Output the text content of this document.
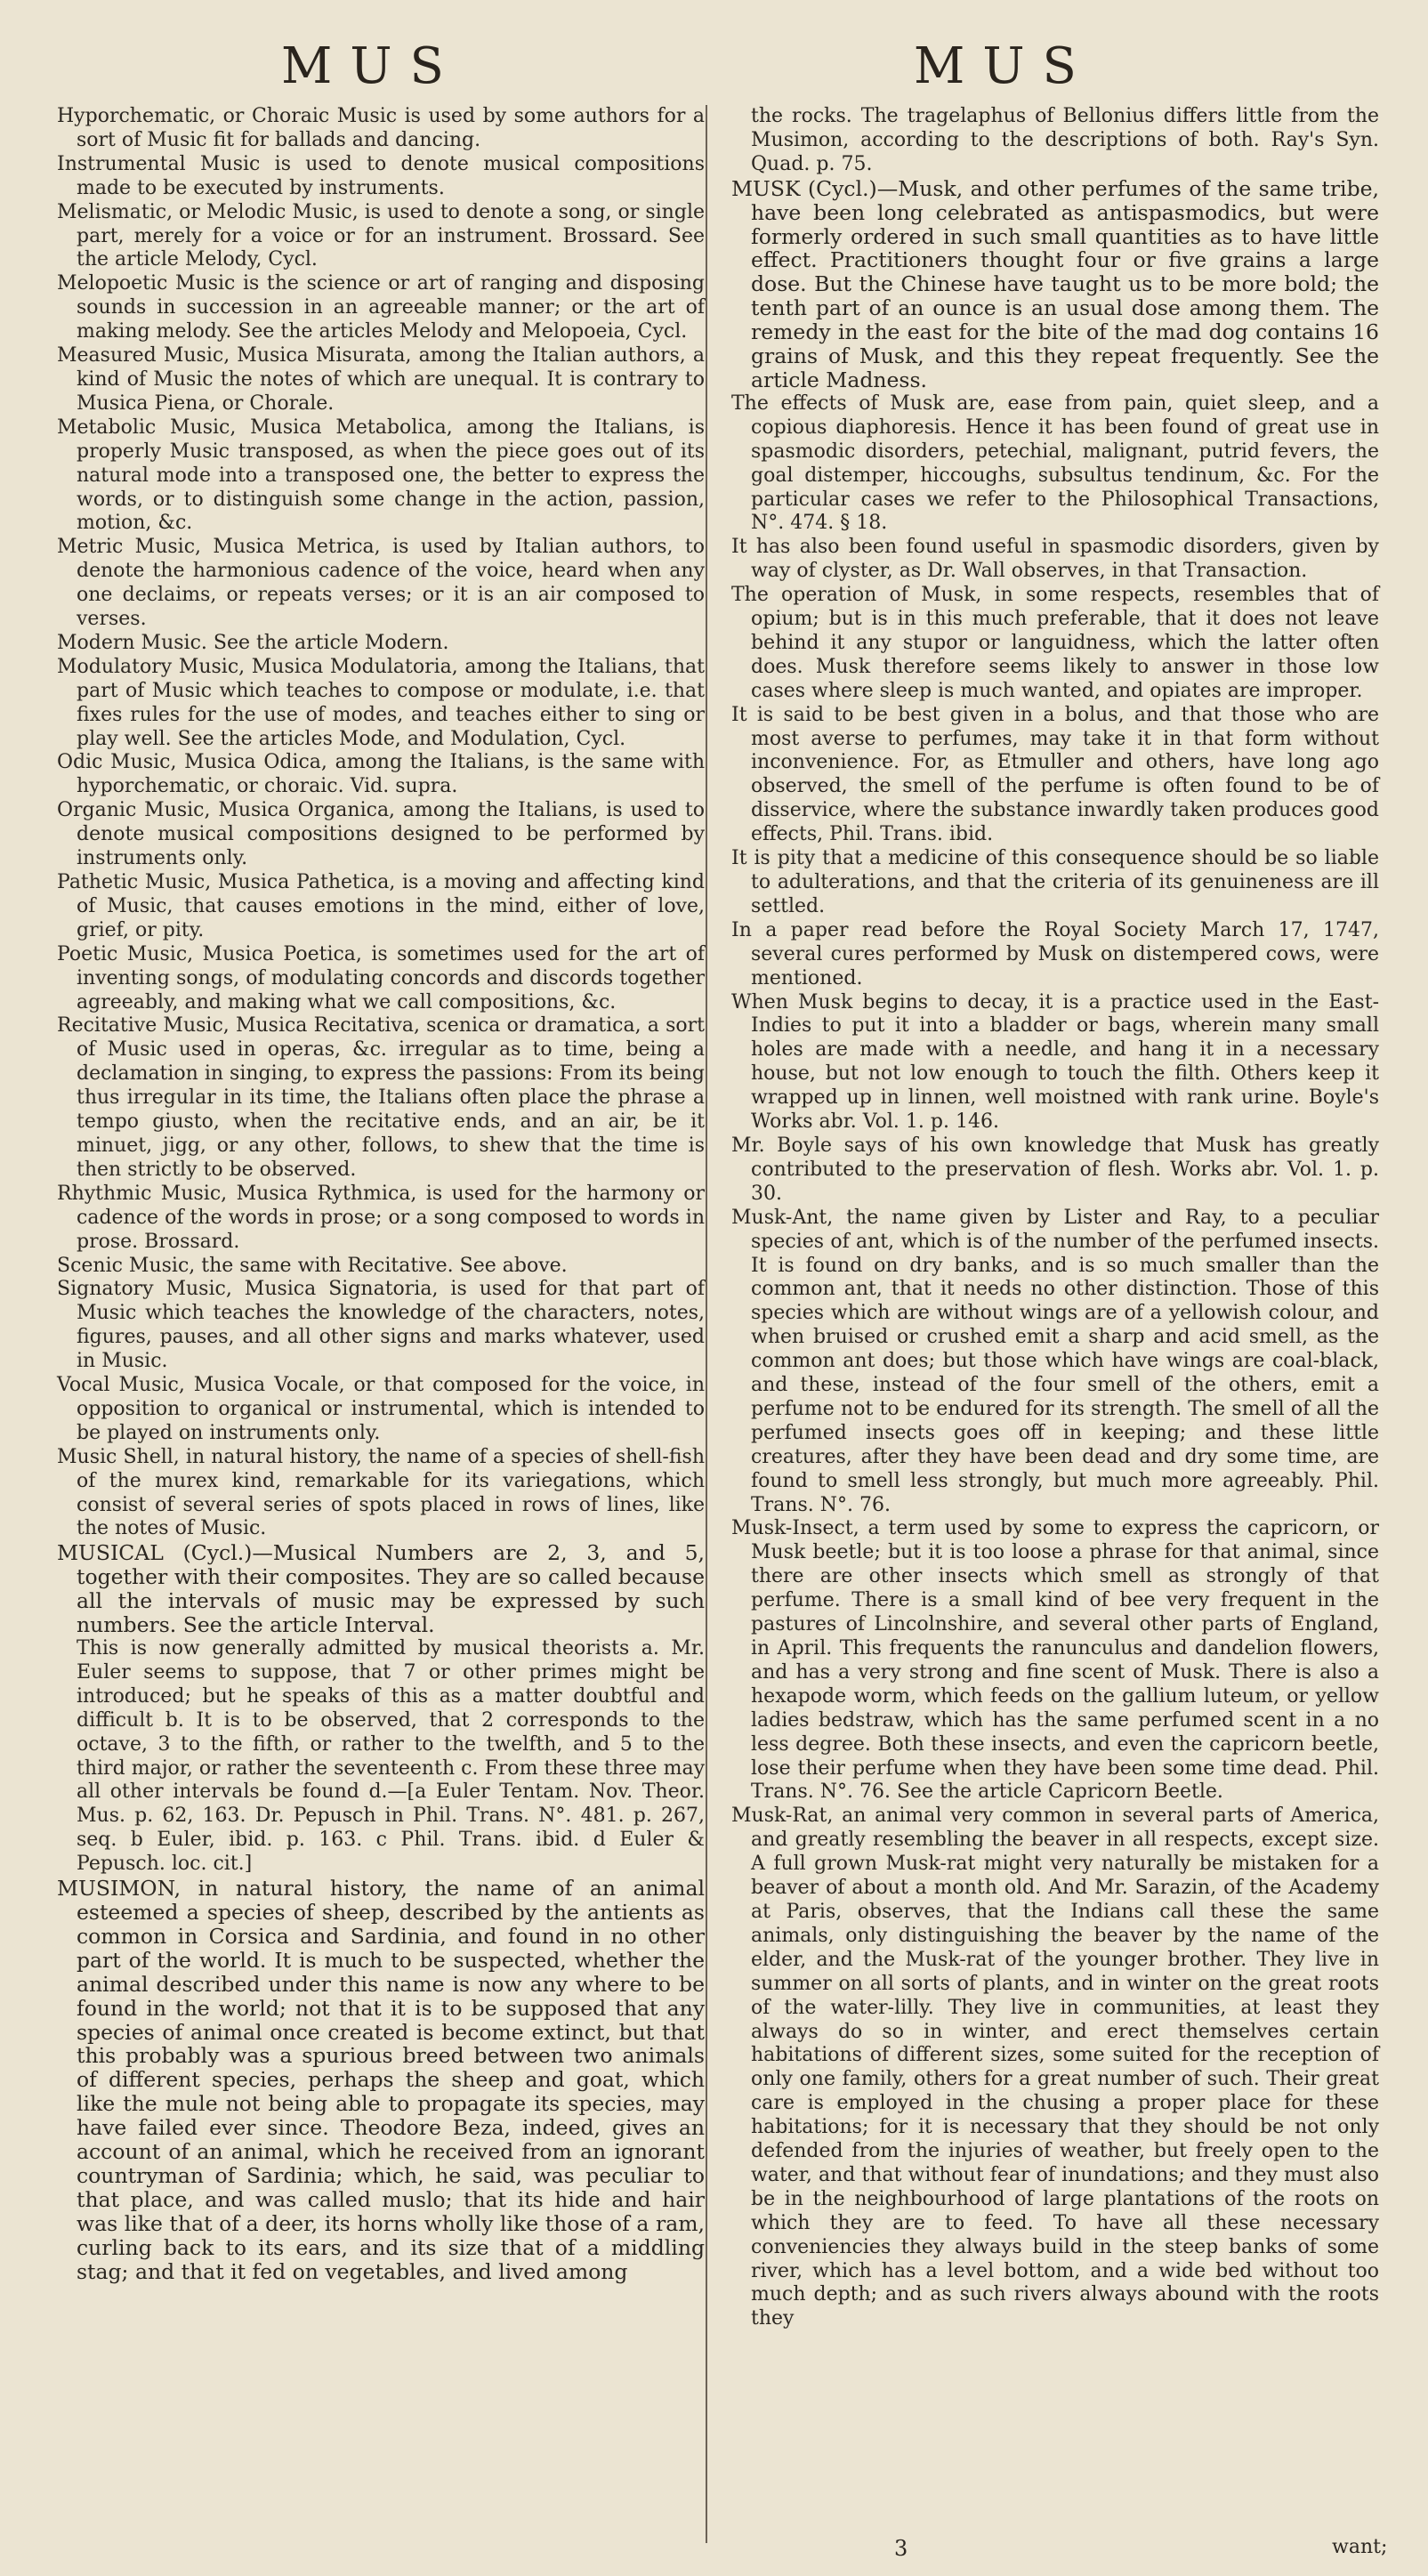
MUS	MUS

Hyporchematic, or Choraic Music is used by some authors for a sort of Music fit for ballads and dancing.

Instrumental Music is used to denote musical compositions made to be executed by instruments.

Melismatic, or Melodic Music, is used to denote a song, or single part, merely for a voice or for an instrument. Brossard. See the article Melody, Cycl.

Melopoetic Music is the science or art of ranging and disposing sounds in succession in an agreeable manner; or the art of making melody. See the articles Melody and Melopoeia, Cycl.

Measured Music, Musica Misurata, among the Italian authors, a kind of Music the notes of which are unequal. It is contrary to Musica Piena, or Chorale.

Metabolic Music, Musica Metabolica, among the Italians, is properly Music transposed, as when the piece goes out of its natural mode into a transposed one, the better to express the words, or to distinguish some change in the action, passion, motion, &c.

Metric Music, Musica Metrica, is used by Italian authors, to denote the harmonious cadence of the voice, heard when any one declaims, or repeats verses; or it is an air composed to verses.

Modern Music. See the article Modern.

Modulatory Music, Musica Modulatoria, among the Italians, that part of Music which teaches to compose or modulate, i.e. that fixes rules for the use of modes, and teaches either to sing or play well. See the articles Mode, and Modulation, Cycl.

Odic Music, Musica Odica, among the Italians, is the same with hyporchematic, or choraic. Vid. supra.

Organic Music, Musica Organica, among the Italians, is used to denote musical compositions designed to be performed by instruments only.

Pathetic Music, Musica Pathetica, is a moving and affecting kind of Music, that causes emotions in the mind, either of love, grief, or pity.

Poetic Music, Musica Poetica, is sometimes used for the art of inventing songs, of modulating concords and discords together agreeably, and making what we call compositions, &c.

Recitative Music, Musica Recitativa, scenica or dramatica, a sort of Music used in operas, &c. irregular as to time, being a declamation in singing, to express the passions: From its being thus irregular in its time, the Italians often place the phrase a tempo giusto, when the recitative ends, and an air, be it minuet, jigg, or any other, follows, to shew that the time is then strictly to be observed.

Rhythmic Music, Musica Rythmica, is used for the harmony or cadence of the words in prose; or a song composed to words in prose. Brossard.

Scenic Music, the same with Recitative. See above.

Signatory Music, Musica Signatoria, is used for that part of Music which teaches the knowledge of the characters, notes, figures, pauses, and all other signs and marks whatever, used in Music.

Vocal Music, Musica Vocale, or that composed for the voice, in opposition to organical or instrumental, which is intended to be played on instruments only.

Music Shell, in natural history, the name of a species of shell-fish of the murex kind, remarkable for its variegations, which consist of several series of spots placed in rows of lines, like the notes of Music.

MUSICAL (Cycl.)—Musical Numbers are 2, 3, and 5, together with their composites. They are so called because all the intervals of music may be expressed by such numbers. See the article Interval.

This is now generally admitted by musical theorists a. Mr. Euler seems to suppose, that 7 or other primes might be introduced; but he speaks of this as a matter doubtful and difficult b. It is to be observed, that 2 corresponds to the octave, 3 to the fifth, or rather to the twelfth, and 5 to the third major, or rather the seventeenth c. From these three may all other intervals be found d.—[a Euler Tentam. Nov. Theor. Mus. p. 62, 163. Dr. Pepusch in Phil. Trans. N°. 481. p. 267, seq. b Euler, ibid. p. 163. c Phil. Trans. ibid. d Euler & Pepusch. loc. cit.]

MUSIMON, in natural history, the name of an animal esteemed a species of sheep, described by the antients as common in Corsica and Sardinia, and found in no other part of the world. It is much to be suspected, whether the animal described under this name is now any where to be found in the world; not that it is to be supposed that any species of animal once created is become extinct, but that this probably was a spurious breed between two animals of different species, perhaps the sheep and goat, which like the mule not being able to propagate its species, may have failed ever since. Theodore Beza, indeed, gives an account of an animal, which he received from an ignorant countryman of Sardinia; which, he said, was peculiar to that place, and was called muslo; that its hide and hair was like that of a deer, its horns wholly like those of a ram, curling back to its ears, and its size that of a middling stag; and that it fed on vegetables, and lived among

the rocks. The tragelaphus of Bellonius differs little from the Musimon, according to the descriptions of both. Ray's Syn. Quad. p. 75.

MUSK (Cycl.)—Musk, and other perfumes of the same tribe, have been long celebrated as antispasmodics, but were formerly ordered in such small quantities as to have little effect. Practitioners thought four or five grains a large dose. But the Chinese have taught us to be more bold; the tenth part of an ounce is an usual dose among them. The remedy in the east for the bite of the mad dog contains 16 grains of Musk, and this they repeat frequently. See the article Madness.

The effects of Musk are, ease from pain, quiet sleep, and a copious diaphoresis. Hence it has been found of great use in spasmodic disorders, petechial, malignant, putrid fevers, the goal distemper, hiccoughs, subsultus tendinum, &c. For the particular cases we refer to the Philosophical Transactions, N°. 474. § 18.

It has also been found useful in spasmodic disorders, given by way of clyster, as Dr. Wall observes, in that Transaction.

The operation of Musk, in some respects, resembles that of opium; but is in this much preferable, that it does not leave behind it any stupor or languidness, which the latter often does. Musk therefore seems likely to answer in those low cases where sleep is much wanted, and opiates are improper.

It is said to be best given in a bolus, and that those who are most averse to perfumes, may take it in that form without inconvenience. For, as Etmuller and others, have long ago observed, the smell of the perfume is often found to be of disservice, where the substance inwardly taken produces good effects, Phil. Trans. ibid.

It is pity that a medicine of this consequence should be so liable to adulterations, and that the criteria of its genuineness are ill settled.

In a paper read before the Royal Society March 17, 1747, several cures performed by Musk on distempered cows, were mentioned.

When Musk begins to decay, it is a practice used in the East-Indies to put it into a bladder or bags, wherein many small holes are made with a needle, and hang it in a necessary house, but not low enough to touch the filth. Others keep it wrapped up in linnen, well moistned with rank urine. Boyle's Works abr. Vol. 1. p. 146.

Mr. Boyle says of his own knowledge that Musk has greatly contributed to the preservation of flesh. Works abr. Vol. 1. p. 30.

Musk-Ant, the name given by Lister and Ray, to a peculiar species of ant, which is of the number of the perfumed insects. It is found on dry banks, and is so much smaller than the common ant, that it needs no other distinction. Those of this species which are without wings are of a yellowish colour, and when bruised or crushed emit a sharp and acid smell, as the common ant does; but those which have wings are coal-black, and these, instead of the four smell of the others, emit a perfume not to be endured for its strength. The smell of all the perfumed insects goes off in keeping; and these little creatures, after they have been dead and dry some time, are found to smell less strongly, but much more agreeably. Phil. Trans. N°. 76.

Musk-Insect, a term used by some to express the capricorn, or Musk beetle; but it is too loose a phrase for that animal, since there are other insects which smell as strongly of that perfume. There is a small kind of bee very frequent in the pastures of Lincolnshire, and several other parts of England, in April. This frequents the ranunculus and dandelion flowers, and has a very strong and fine scent of Musk. There is also a hexapode worm, which feeds on the gallium luteum, or yellow ladies bedstraw, which has the same perfumed scent in a no less degree. Both these insects, and even the capricorn beetle, lose their perfume when they have been some time dead. Phil. Trans. N°. 76. See the article Capricorn Beetle.

Musk-Rat, an animal very common in several parts of America, and greatly resembling the beaver in all respects, except size. A full grown Musk-rat might very naturally be mistaken for a beaver of about a month old. And Mr. Sarazin, of the Academy at Paris, observes, that the Indians call these the same animals, only distinguishing the beaver by the name of the elder, and the Musk-rat of the younger brother. They live in summer on all sorts of plants, and in winter on the great roots of the water-lilly. They live in communities, at least they always do so in winter, and erect themselves certain habitations of different sizes, some suited for the reception of only one family, others for a great number of such. Their great care is employed in the chusing a proper place for these habitations; for it is necessary that they should be not only defended from the injuries of weather, but freely open to the water, and that without fear of inundations; and they must also be in the neighbourhood of large plantations of the roots on which they are to feed. To have all these necessary conveniencies they always build in the steep banks of some river, which has a level bottom, and a wide bed without too much depth; and as such rivers always abound with the roots they

3	want;
